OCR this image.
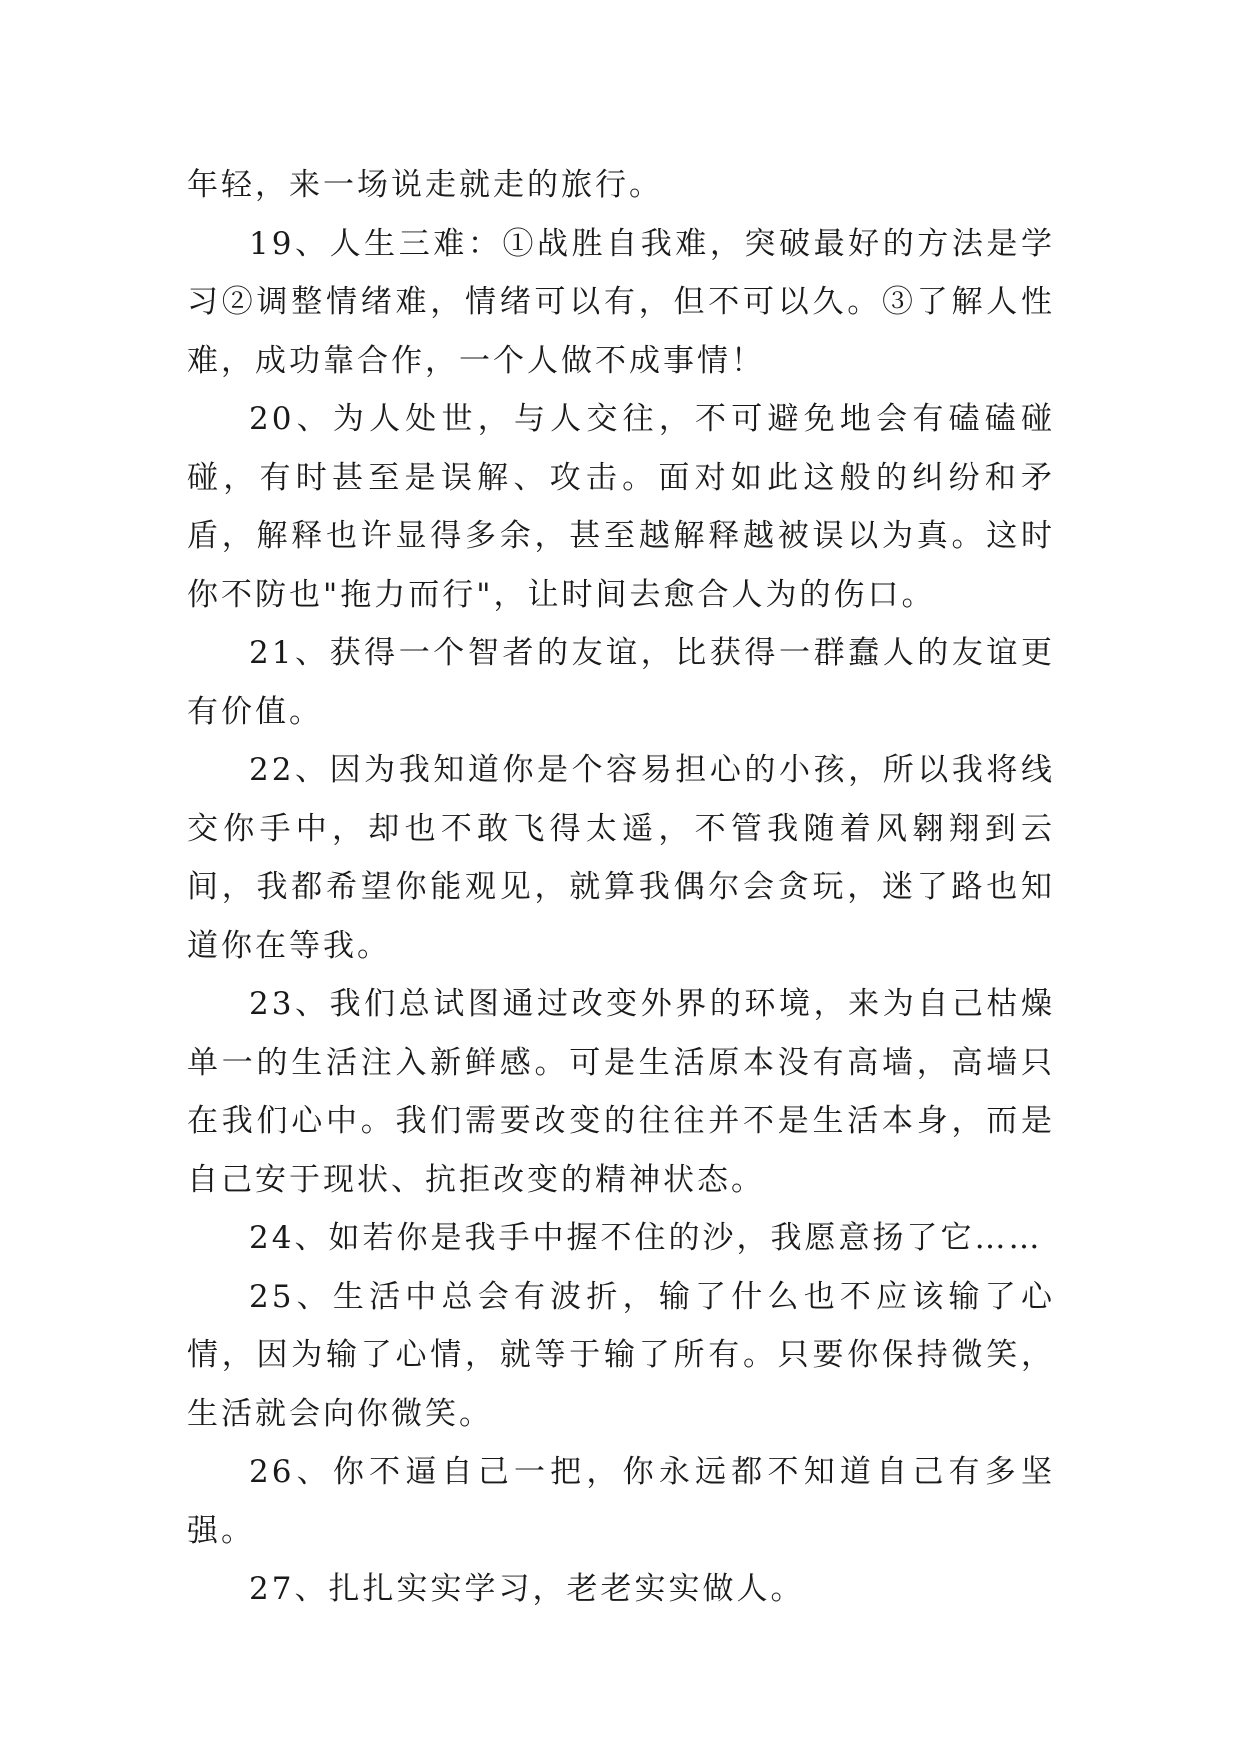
年轻，来一场说走就走的旅行。

19、人生三难：①战胜自我难，突破最好的方法是学习②调整情绪难，情绪可以有，但不可以久。③了解人性难，成功靠合作，一个人做不成事情！

20、为人处世，与人交往，不可避免地会有磕磕碰碰，有时甚至是误解、攻击。面对如此这般的纠纷和矛盾，解释也许显得多余，甚至越解释越被误以为真。这时你不防也"拖力而行"，让时间去愈合人为的伤口。

21、获得一个智者的友谊，比获得一群蠢人的友谊更有价值。

22、因为我知道你是个容易担心的小孩，所以我将线交你手中，却也不敢飞得太遥，不管我随着风翱翔到云间，我都希望你能观见，就算我偶尔会贪玩，迷了路也知道你在等我。

23、我们总试图通过改变外界的环境，来为自己枯燥单一的生活注入新鲜感。可是生活原本没有高墙，高墙只在我们心中。我们需要改变的往往并不是生活本身，而是自己安于现状、抗拒改变的精神状态。

24、如若你是我手中握不住的沙，我愿意扬了它……

25、生活中总会有波折，输了什么也不应该输了心情，因为输了心情，就等于输了所有。只要你保持微笑，生活就会向你微笑。

26、你不逼自己一把，你永远都不知道自己有多坚强。

27、扎扎实实学习，老老实实做人。
